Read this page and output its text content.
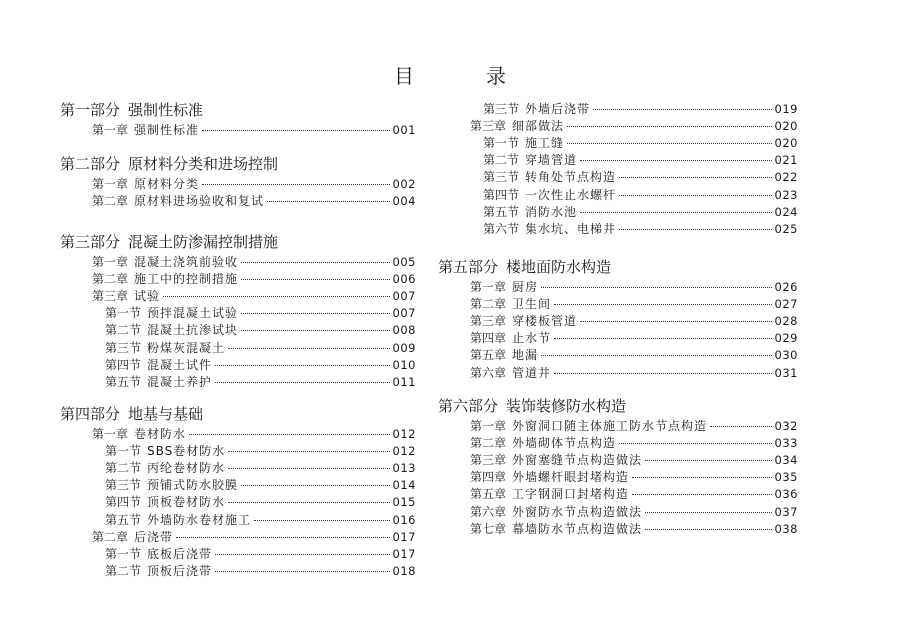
目　录
第一部分 强制性标准
第一章 强制性标准	001
第二部分 原材料分类和进场控制
第一章 原材料分类	002
第二章 原材料进场验收和复试	004
第三部分 混凝土防渗漏控制措施
第一章 混凝土浇筑前验收	005
第二章 施工中的控制措施	006
第三章 试验	007
第一节 预拌混凝土试验	007
第二节 混凝土抗渗试块	008
第三节 粉煤灰混凝土	009
第四节 混凝土试件	010
第五节 混凝土养护	011
第四部分 地基与基础
第一章 卷材防水	012
第一节 SBS卷材防水	012
第二节 丙纶卷材防水	013
第三节 预铺式防水胶膜	014
第四节 顶板卷材防水	015
第五节 外墙防水卷材施工	016
第二章 后浇带	017
第一节 底板后浇带	017
第二节 顶板后浇带	018
第三节 外墙后浇带	019
第三章 细部做法	020
第一节 施工缝	020
第二节 穿墙管道	021
第三节 转角处节点构造	022
第四节 一次性止水螺杆	023
第五节 消防水池	024
第六节 集水坑、电梯井	025
第五部分 楼地面防水构造
第一章 厨房	026
第二章 卫生间	027
第三章 穿楼板管道	028
第四章 止水节	029
第五章 地漏	030
第六章 管道井	031
第六部分 装饰装修防水构造
第一章 外窗洞口随主体施工防水节点构造	032
第二章 外墙砌体节点构造	033
第三章 外窗塞缝节点构造做法	034
第四章 外墙螺杆眼封堵构造	035
第五章 工字钢洞口封堵构造	036
第六章 外窗防水节点构造做法	037
第七章 幕墙防水节点构造做法	038
